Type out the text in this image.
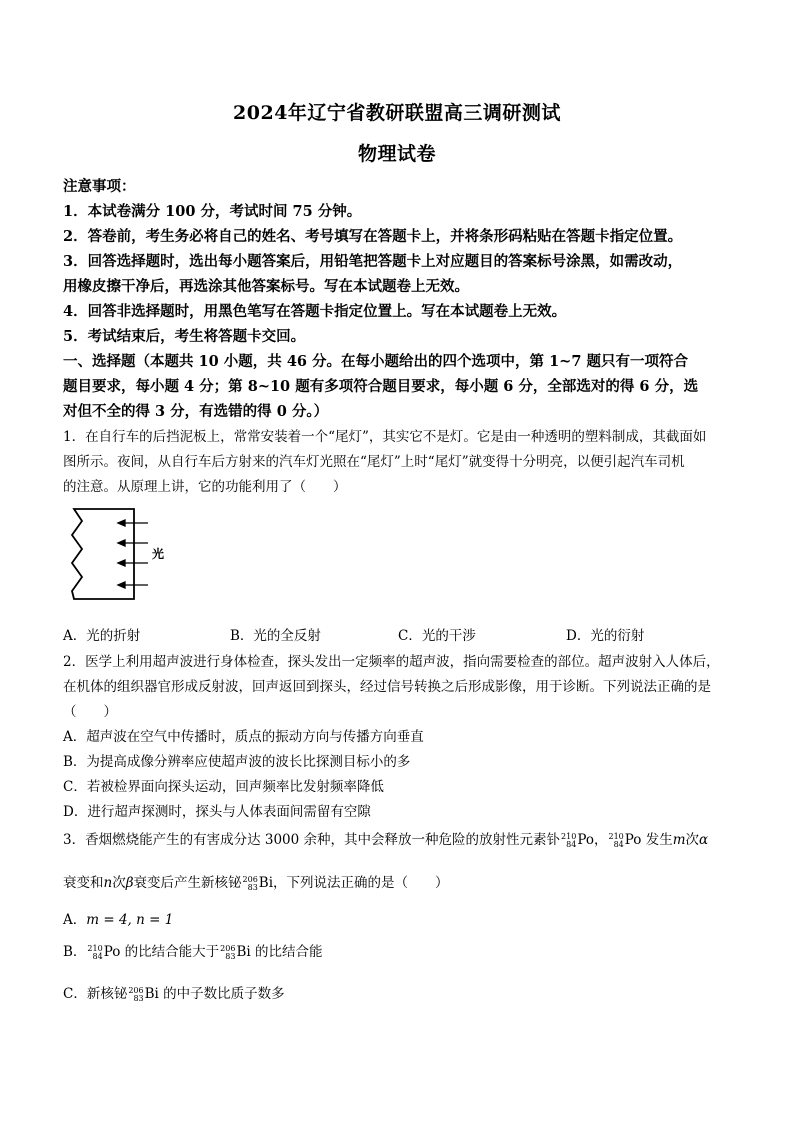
2024年辽宁省教研联盟高三调研测试
物理试卷
注意事项：
1．本试卷满分 100 分，考试时间 75 分钟。
2．答卷前，考生务必将自己的姓名、考号填写在答题卡上，并将条形码粘贴在答题卡指定位置。
3．回答选择题时，选出每小题答案后，用铅笔把答题卡上对应题目的答案标号涂黑，如需改动，
用橡皮擦干净后，再选涂其他答案标号。写在本试题卷上无效。
4．回答非选择题时，用黑色笔写在答题卡指定位置上。写在本试题卷上无效。
5．考试结束后，考生将答题卡交回。
一、选择题（本题共 10 小题，共 46 分。在每小题给出的四个选项中，第 1~7 题只有一项符合
题目要求，每小题 4 分；第 8~10 题有多项符合题目要求，每小题 6 分，全部选对的得 6 分，选
对但不全的得 3 分，有选错的得 0 分。）
1．在自行车的后挡泥板上，常常安装着一个“尾灯”，其实它不是灯。它是由一种透明的塑料制成，其截面如
图所示。夜间，从自行车后方射来的汽车灯光照在“尾灯”上时“尾灯”就变得十分明亮，以便引起汽车司机
的注意。从原理上讲，它的功能利用了（　　）
光
A．光的折射	B．光的全反射	C．光的干涉	D．光的衍射
2．医学上利用超声波进行身体检查，探头发出一定频率的超声波，指向需要检查的部位。超声波射入人体后，
在机体的组织器官形成反射波，回声返回到探头，经过信号转换之后形成影像，用于诊断。下列说法正确的是
（　　）
A．超声波在空气中传播时，质点的振动方向与传播方向垂直
B．为提高成像分辨率应使超声波的波长比探测目标小的多
C．若被检界面向探头运动，回声频率比发射频率降低
D．进行超声探测时，探头与人体表面间需留有空隙
3．香烟燃烧能产生的有害成分达 3000 余种，其中会释放一种危险的放射性元素钋 210
84 Po， 210
84 Po 发生m次α
衰变和n次β衰变后产生新核铋 206
83 Bi，下列说法正确的是（　　）
A．m = 4, n = 1
B． 210
84 Po 的比结合能大于 206
83 Bi 的比结合能
C．新核铋 206
83 Bi 的中子数比质子数多
